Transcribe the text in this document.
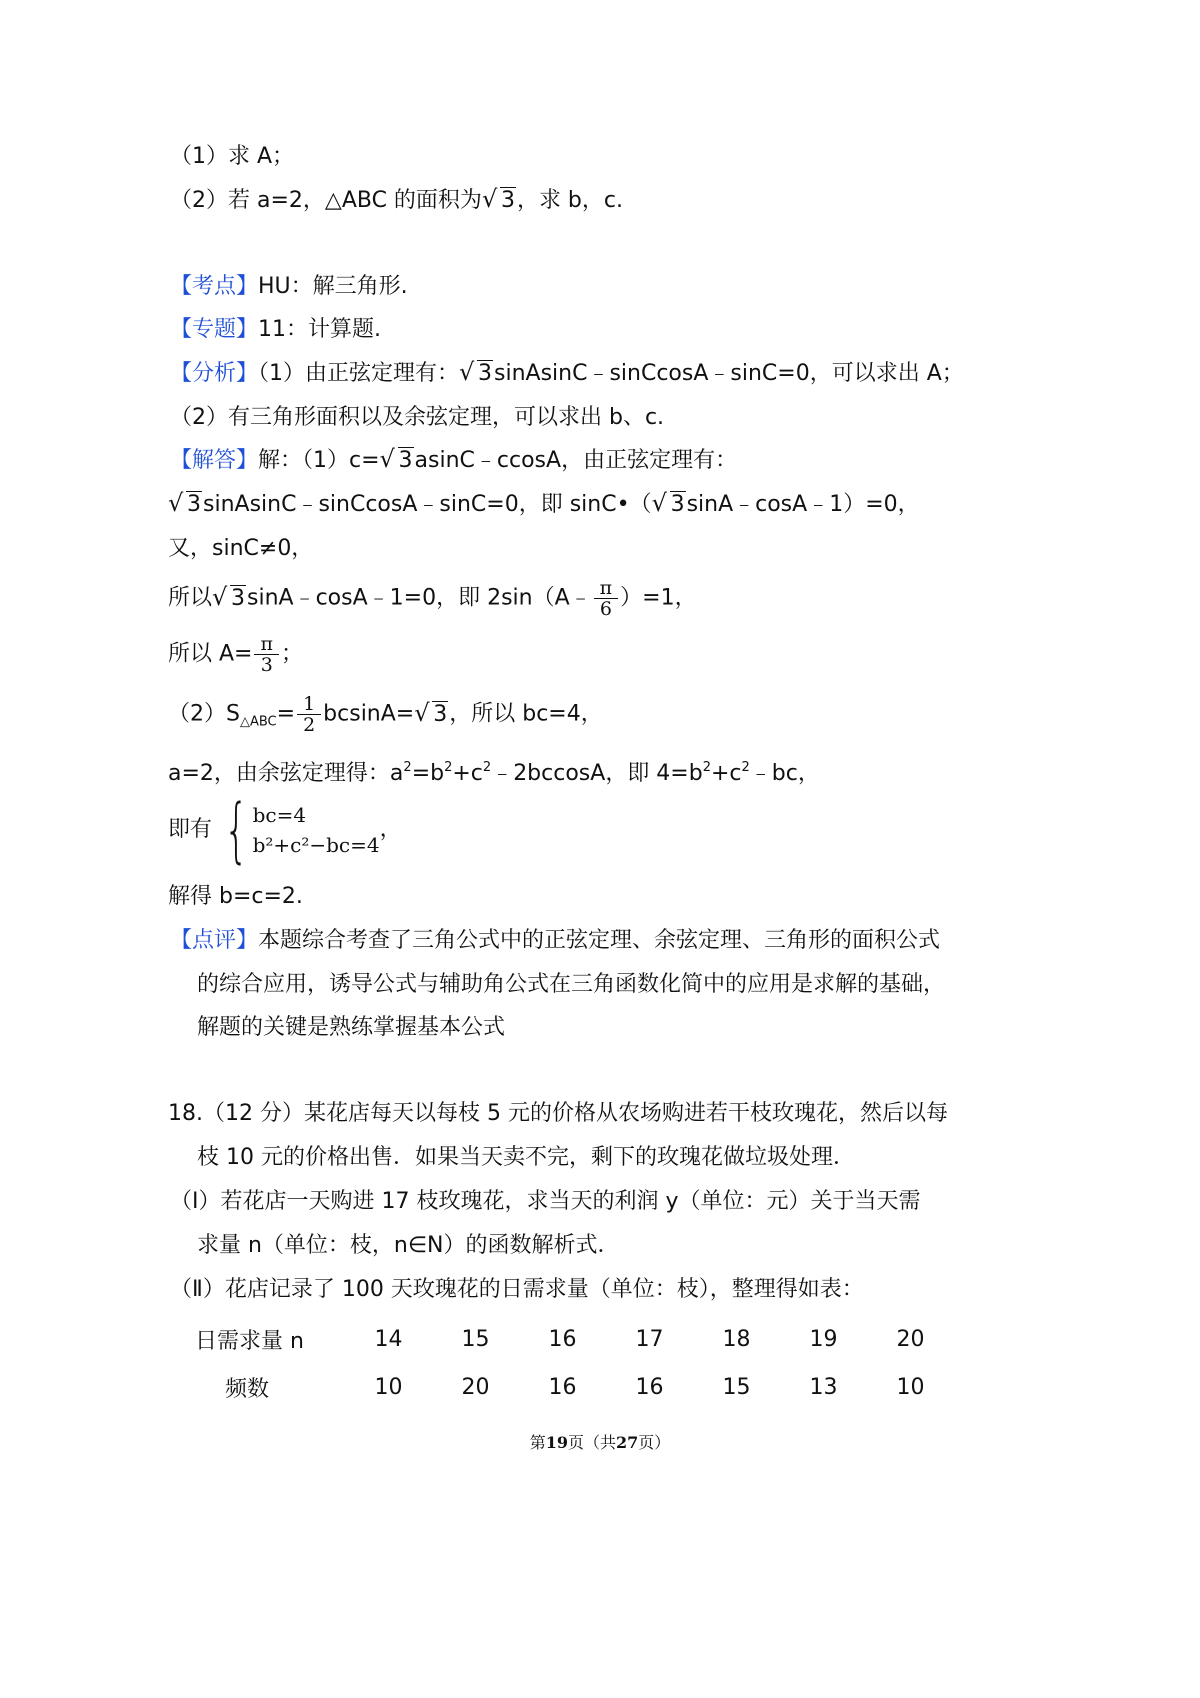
（1）求 A；
（2）若 a=2，△ABC 的面积为 √ 3，求 b，c.
【考点】HU：解三角形.
【专题】11：计算题.
【分析】（1）由正弦定理有： √ 3sinAsinC﹣sinCcosA﹣sinC=0，可以求出 A；
（2）有三角形面积以及余弦定理，可以求出 b、c.
【解答】解：（1）c= √ 3asinC﹣ccosA，由正弦定理有：
√ 3sinAsinC﹣sinCcosA﹣sinC=0，即 sinC•（ √ 3sinA﹣cosA﹣1）=0，
又，sinC≠0，
所以 √ 3sinA﹣cosA﹣1=0，即 2sin（A﹣ $\frac{\pi}{6} )=1$，
所以 $A= \frac{\pi}{3}$ ；
$(2)S_{\triangle ABC}= \frac{1}{2} bcsinA=$ √ 3，所以 bc=4，
a=2，由余弦定理得：$a^2=b^2+c^2﹣2bccosA$，即 $4=b^2+c^2﹣bc$，
即有 { bc=4
b²+c²−bc=4
，
解得 b=c=2.
【点评】本题综合考查了三角公式中的正弦定理、余弦定理、三角形的面积公式
的综合应用，诱导公式与辅助角公式在三角函数化简中的应用是求解的基础，
解题的关键是熟练掌握基本公式
18.（12 分）某花店每天以每枝 5 元的价格从农场购进若干枝玫瑰花，然后以每
枝 10 元的价格出售．如果当天卖不完，剩下的玫瑰花做垃圾处理．
（Ⅰ）若花店一天购进 17 枝玫瑰花，求当天的利润 y（单位：元）关于当天需
求量 n（单位：枝，n∈N）的函数解析式．
（Ⅱ）花店记录了 100 天玫瑰花的日需求量（单位：枝），整理得如表：
日需求量 n	14	15	16	17	18	19	20
频数	10	20	16	16	15	13	10
第19页（共27页）
